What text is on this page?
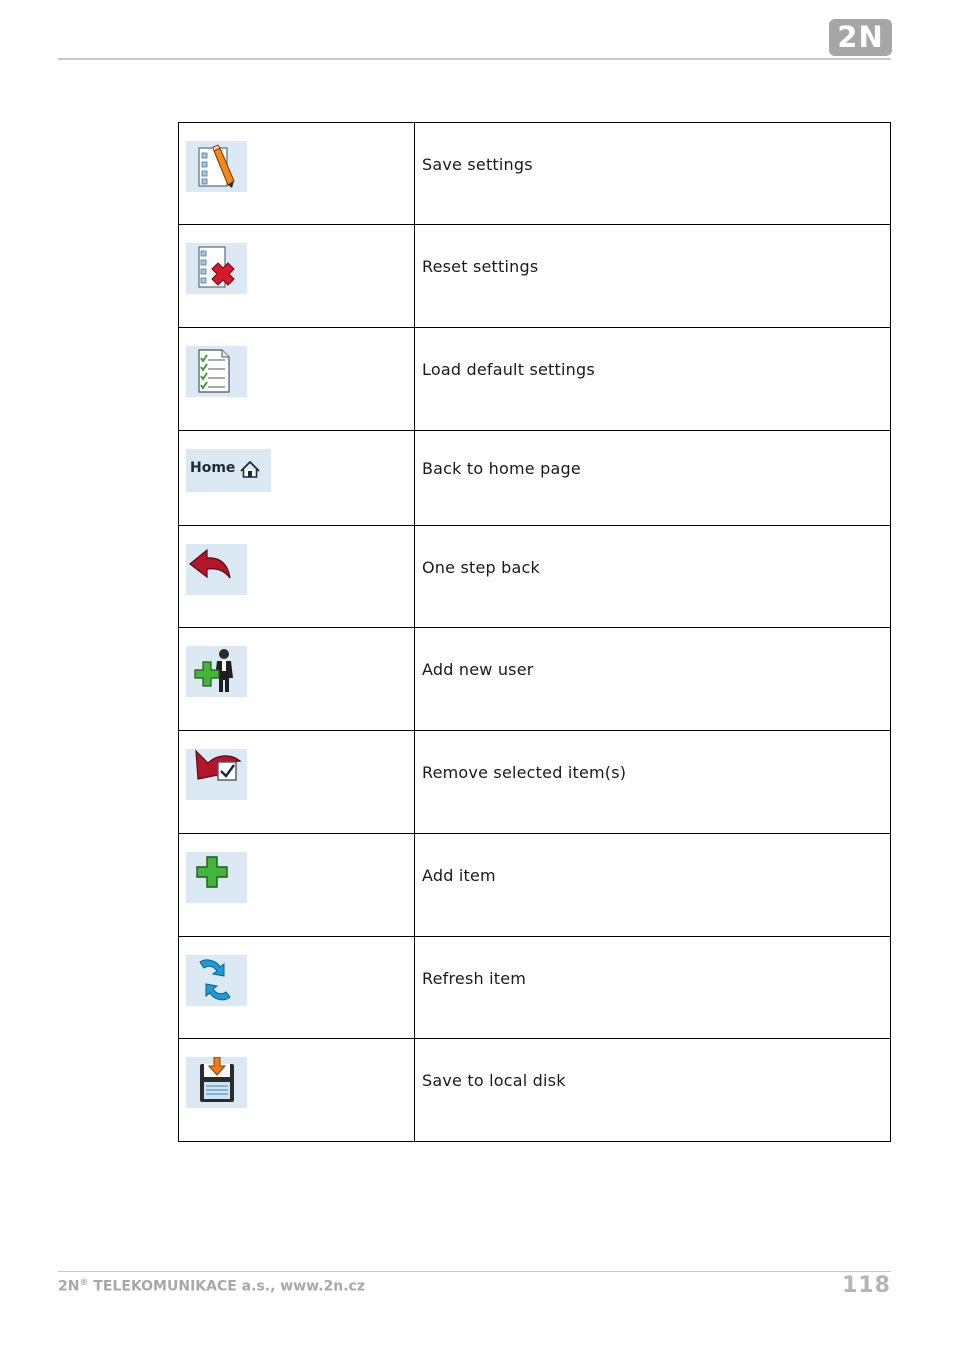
2N

Save settings

Reset settings

Load default settings

Home	Back to home page

One step back

Add new user

Remove selected item(s)

Add item

Refresh item

Save to local disk
2N® TELEKOMUNIKACE a.s., www.2n.cz	118
